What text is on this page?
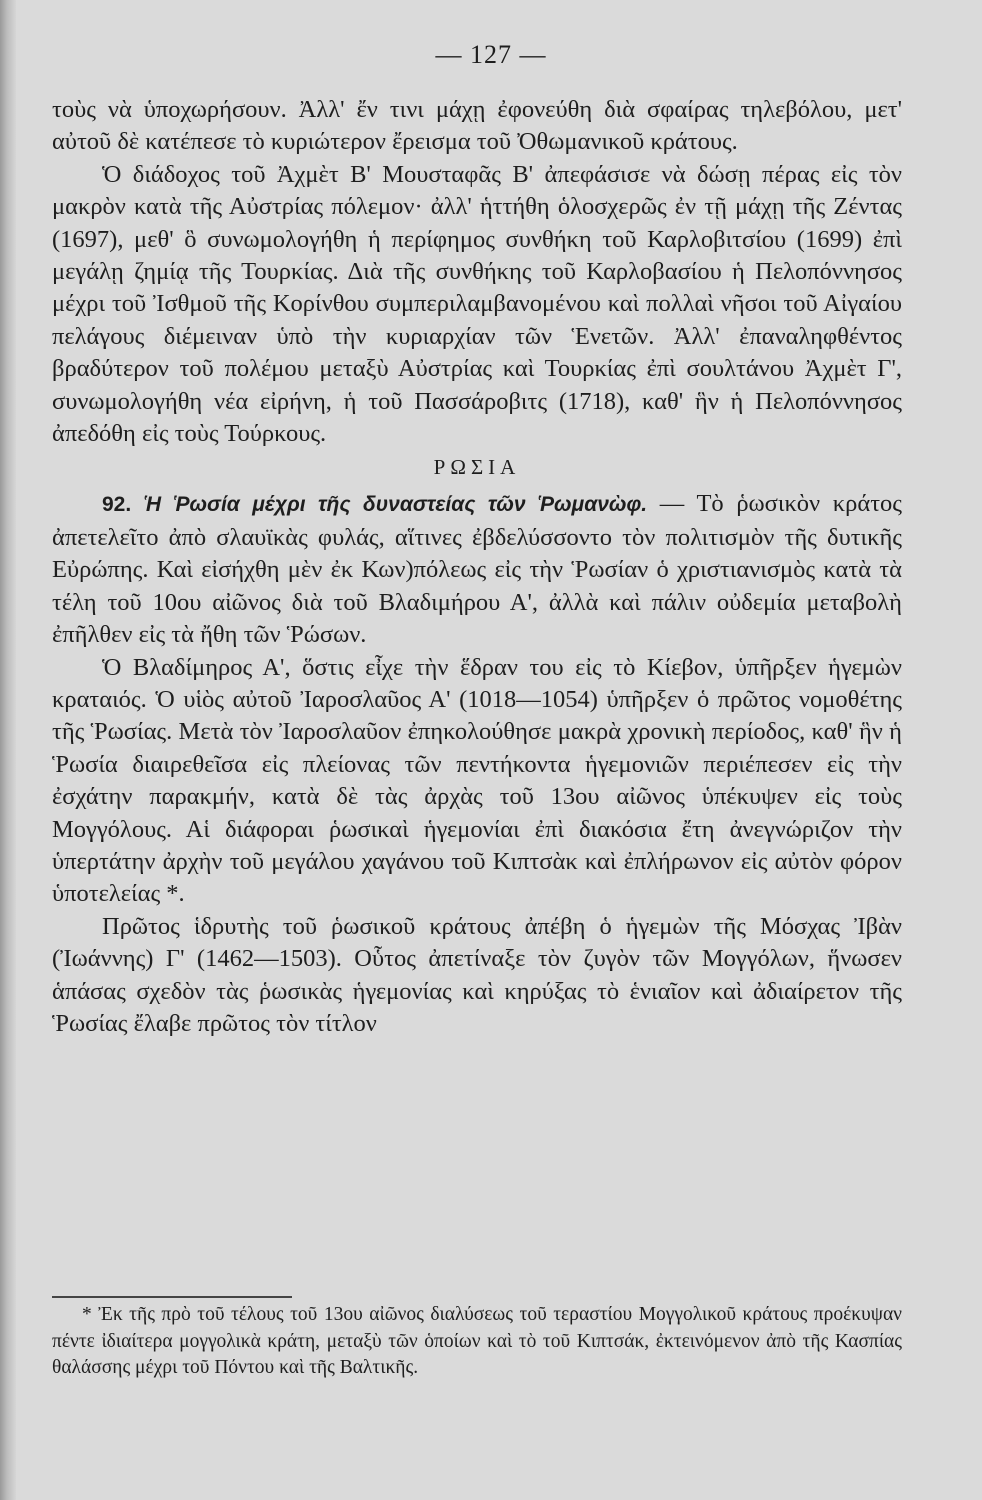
— 127 —

τοὺς νὰ ὑποχωρήσουν. Ἀλλ' ἔν τινι μάχῃ ἐφονεύθη διὰ σφαίρας τηλεβόλου, μετ' αὐτοῦ δὲ κατέπεσε τὸ κυριώτερον ἔρεισμα τοῦ Ὀθωμανικοῦ κράτους.

Ὁ διάδοχος τοῦ Ἀχμὲτ Β' Μουσταφᾶς Β' ἀπεφάσισε νὰ δώσῃ πέρας εἰς τὸν μακρὸν κατὰ τῆς Αὐστρίας πόλεμον· ἀλλ' ἡττήθη ὁλοσχερῶς ἐν τῇ μάχῃ τῆς Ζέντας (1697), μεθ' ὃ συνωμολογήθη ἡ περίφημος συνθήκη τοῦ Καρλοβιτσίου (1699) ἐπὶ μεγάλῃ ζημίᾳ τῆς Τουρκίας. Διὰ τῆς συνθήκης τοῦ Καρλοβασίου ἡ Πελοπόννησος μέχρι τοῦ Ἰσθμοῦ τῆς Κορίνθου συμπεριλαμβανομένου καὶ πολλαὶ νῆσοι τοῦ Αἰγαίου πελάγους διέμειναν ὑπὸ τὴν κυριαρχίαν τῶν Ἑνετῶν. Ἀλλ' ἐπαναληφθέντος βραδύτερον τοῦ πολέμου μεταξὺ Αὐστρίας καὶ Τουρκίας ἐπὶ σουλτάνου Ἀχμὲτ Γ', συνωμολογήθη νέα εἰρήνη, ἡ τοῦ Πασσάροβιτς (1718), καθ' ἣν ἡ Πελοπόννησος ἀπεδόθη εἰς τοὺς Τούρκους.

ΡΩΣΙΑ

92. Ἡ Ῥωσία μέχρι τῆς δυναστείας τῶν Ῥωμανὼφ. — Τὸ ῥωσικὸν κράτος ἀπετελεῖτο ἀπὸ σλαυϊκὰς φυλάς, αἵτινες ἐβδελύσσοντο τὸν πολιτισμὸν τῆς δυτικῆς Εὐρώπης. Καὶ εἰσήχθη μὲν ἐκ Κων)πόλεως εἰς τὴν Ῥωσίαν ὁ χριστιανισμὸς κατὰ τὰ τέλη τοῦ 10ου αἰῶνος διὰ τοῦ Βλαδιμήρου Α', ἀλλὰ καὶ πάλιν οὐδεμία μεταβολὴ ἐπῆλθεν εἰς τὰ ἤθη τῶν Ῥώσων.

Ὁ Βλαδίμηρος Α', ὅστις εἶχε τὴν ἕδραν του εἰς τὸ Κίεβον, ὑπῆρξεν ἡγεμὼν κραταιός. Ὁ υἱὸς αὐτοῦ Ἰαροσλαῦος Α' (1018—1054) ὑπῆρξεν ὁ πρῶτος νομοθέτης τῆς Ῥωσίας. Μετὰ τὸν Ἰαροσλαῦον ἐπηκολούθησε μακρὰ χρονικὴ περίοδος, καθ' ἣν ἡ Ῥωσία διαιρεθεῖσα εἰς πλείονας τῶν πεντήκοντα ἡγεμονιῶν περιέπεσεν εἰς τὴν ἐσχάτην παρακμήν, κατὰ δὲ τὰς ἀρχὰς τοῦ 13ου αἰῶνος ὑπέκυψεν εἰς τοὺς Μογγόλους. Αἱ διάφοραι ῥωσικαὶ ἡγεμονίαι ἐπὶ διακόσια ἔτη ἀνεγνώριζον τὴν ὑπερτάτην ἀρχὴν τοῦ μεγάλου χαγάνου τοῦ Κιπτσὰκ καὶ ἐπλήρωνον εἰς αὐτὸν φόρον ὑποτελείας *.

Πρῶτος ἱδρυτὴς τοῦ ῥωσικοῦ κράτους ἀπέβη ὁ ἡγεμὼν τῆς Μόσχας Ἰβὰν (Ἰωάννης) Γ' (1462—1503). Οὗτος ἀπετίναξε τὸν ζυγὸν τῶν Μογγόλων, ἥνωσεν ἁπάσας σχεδὸν τὰς ῥωσικὰς ἡγεμονίας καὶ κηρύξας τὸ ἑνιαῖον καὶ ἀδιαίρετον τῆς Ῥωσίας ἔλαβε πρῶτος τὸν τίτλον

* Ἐκ τῆς πρὸ τοῦ τέλους τοῦ 13ου αἰῶνος διαλύσεως τοῦ τεραστίου Μογγολικοῦ κράτους προέκυψαν πέντε ἰδιαίτερα μογγολικὰ κράτη, μεταξὺ τῶν ὁποίων καὶ τὸ τοῦ Κιπτσάκ, ἐκτεινόμενον ἀπὸ τῆς Κασπίας θαλάσσης μέχρι τοῦ Πόντου καὶ τῆς Βαλτικῆς.
